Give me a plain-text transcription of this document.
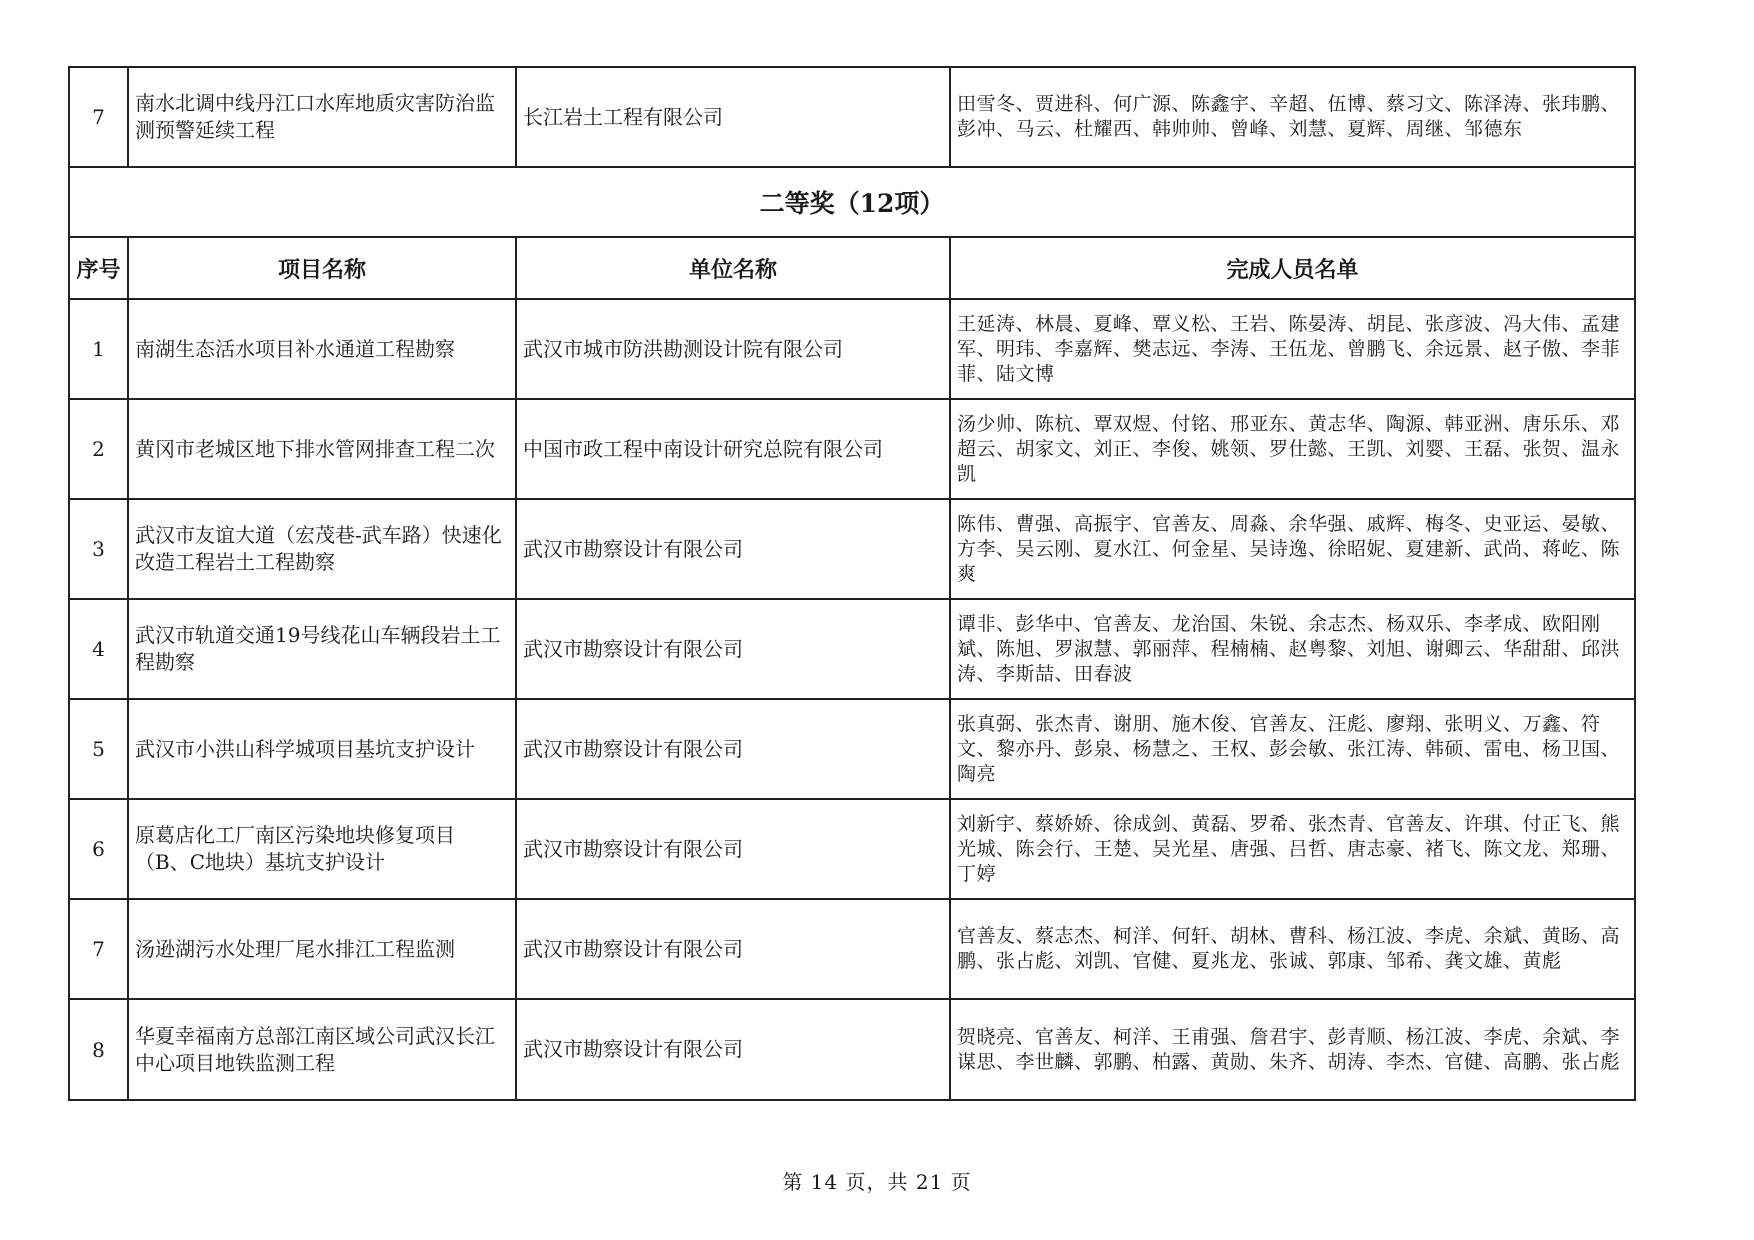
7	南水北调中线丹江口水库地质灾害防治监测预警延续工程	长江岩土工程有限公司	田雪冬、贾进科、何广源、陈鑫宇、辛超、伍博、蔡习文、陈泽涛、张玮鹏、彭冲、马云、杜耀西、韩帅帅、曾峰、刘慧、夏辉、周继、邹德东
二等奖（12项）			
序号	项目名称	单位名称	完成人员名单
1	南湖生态活水项目补水通道工程勘察	武汉市城市防洪勘测设计院有限公司	王延涛、林晨、夏峰、覃义松、王岩、陈晏涛、胡昆、张彦波、冯大伟、孟建军、明玮、李嘉辉、樊志远、李涛、王伍龙、曾鹏飞、余远景、赵子傲、李菲菲、陆文博
2	黄冈市老城区地下排水管网排查工程二次	中国市政工程中南设计研究总院有限公司	汤少帅、陈杭、覃双煜、付铭、邢亚东、黄志华、陶源、韩亚洲、唐乐乐、邓超云、胡家文、刘正、李俊、姚领、罗仕懿、王凯、刘婴、王磊、张贺、温永凯
3	武汉市友谊大道（宏茂巷-武车路）快速化改造工程岩土工程勘察	武汉市勘察设计有限公司	陈伟、曹强、高振宇、官善友、周淼、余华强、戚辉、梅冬、史亚运、晏敏、方李、吴云刚、夏水江、何金星、吴诗逸、徐昭妮、夏建新、武尚、蒋屹、陈爽
4	武汉市轨道交通19号线花山车辆段岩土工程勘察	武汉市勘察设计有限公司	谭非、彭华中、官善友、龙治国、朱锐、余志杰、杨双乐、李孝成、欧阳刚斌、陈旭、罗淑慧、郭丽萍、程楠楠、赵粤黎、刘旭、谢卿云、华甜甜、邱洪涛、李斯喆、田春波
5	武汉市小洪山科学城项目基坑支护设计	武汉市勘察设计有限公司	张真弼、张杰青、谢朋、施木俊、官善友、汪彪、廖翔、张明义、万鑫、符文、黎亦丹、彭泉、杨慧之、王权、彭会敏、张江涛、韩硕、雷电、杨卫国、陶亮
6	原葛店化工厂南区污染地块修复项目（B、C地块）基坑支护设计	武汉市勘察设计有限公司	刘新宇、蔡娇娇、徐成剑、黄磊、罗希、张杰青、官善友、许琪、付正飞、熊光城、陈会行、王楚、吴光星、唐强、吕哲、唐志豪、褚飞、陈文龙、郑珊、丁婷
7	汤逊湖污水处理厂尾水排江工程监测	武汉市勘察设计有限公司	官善友、蔡志杰、柯洋、何轩、胡林、曹科、杨江波、李虎、余斌、黄旸、高鹏、张占彪、刘凯、官健、夏兆龙、张诚、郭康、邹希、龚文雄、黄彪
8	华夏幸福南方总部江南区域公司武汉长江中心项目地铁监测工程	武汉市勘察设计有限公司	贺晓亮、官善友、柯洋、王甫强、詹君宇、彭青顺、杨江波、李虎、余斌、李谋思、李世麟、郭鹏、柏露、黄勋、朱齐、胡涛、李杰、官健、高鹏、张占彪
第 14 页，共 21 页
